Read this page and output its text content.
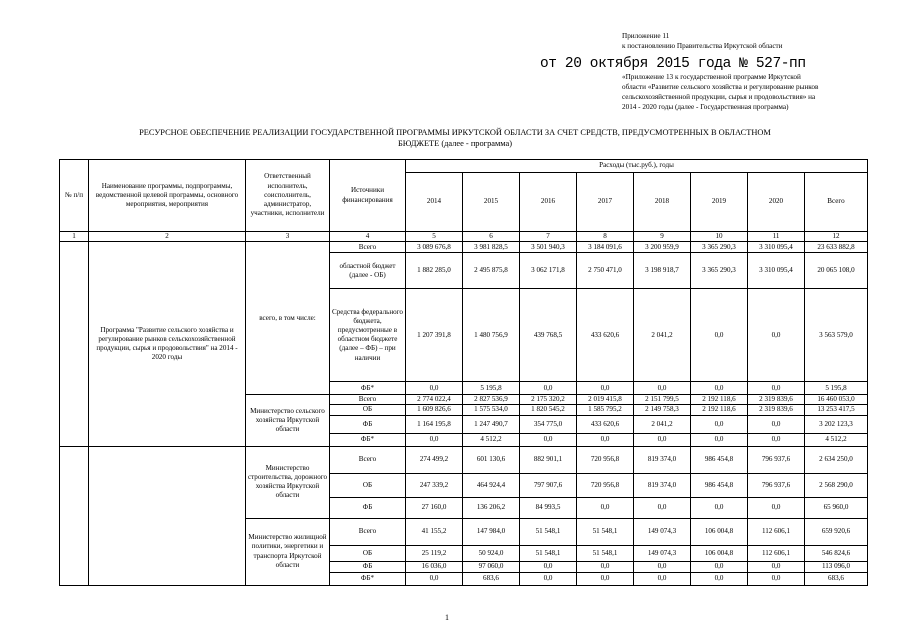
Приложение 11
к постановлению Правительства Иркутской области
от 20 октября 2015 года № 527-пп
«Приложение 13 к государственной программе Иркутской
области «Развитие сельского хозяйства и регулирование рынков
сельскохозяйственной продукции, сырья и продовольствия» на
2014 - 2020 годы (далее - Государственная программа)
РЕСУРСНОЕ ОБЕСПЕЧЕНИЕ РЕАЛИЗАЦИИ ГОСУДАРСТВЕННОЙ ПРОГРАММЫ ИРКУТСКОЙ ОБЛАСТИ ЗА СЧЕТ СРЕДСТВ, ПРЕДУСМОТРЕННЫХ В ОБЛАСТНОМ
БЮДЖЕТЕ (далее - программа)
№ п/п	Наименование программы, подпрограммы, ведомственной целевой программы, основного мероприятия, мероприятия	Ответственный исполнитель, соисполнитель, администратор, участники, исполнители	Источники финансирования	Расходы (тыс.руб.), годы							
				2014	2015	2016	2017	2018	2019	2020	Всего
1	2	3	4	5	6	7	8	9	10	11	12
	Программа "Развитие сельского хозяйства и регулирование рынков сельскохозяйственной продукции, сырья и продовольствия" на 2014 - 2020 годы	всего, в том числе:	Всего	3 089 676,8	3 981 828,5	3 501 940,3	3 184 091,6	3 200 959,9	3 365 290,3	3 310 095,4	23 633 882,8
			областной бюджет (далее - ОБ)	1 882 285,0	2 495 875,8	3 062 171,8	2 750 471,0	3 198 918,7	3 365 290,3	3 310 095,4	20 065 108,0
			Средства федерального бюджета, предусмотренные в областном бюджете (далее – ФБ) – при наличии	1 207 391,8	1 480 756,9	439 768,5	433 620,6	2 041,2	0,0	0,0	3 563 579,0
			ФБ*	0,0	5 195,8	0,0	0,0	0,0	0,0	0,0	5 195,8
		Министерство сельского хозяйства Иркутской области	Всего	2 774 022,4	2 827 536,9	2 175 320,2	2 019 415,8	2 151 799,5	2 192 118,6	2 319 839,6	16 460 053,0
			ОБ	1 609 826,6	1 575 534,0	1 820 545,2	1 585 795,2	2 149 758,3	2 192 118,6	2 319 839,6	13 253 417,5
			ФБ	1 164 195,8	1 247 490,7	354 775,0	433 620,6	2 041,2	0,0	0,0	3 202 123,3
			ФБ*	0,0	4 512,2	0,0	0,0	0,0	0,0	0,0	4 512,2
		Министерство строительства, дорожного хозяйства Иркутской области	Всего	274 499,2	601 130,6	882 901,1	720 956,8	819 374,0	986 454,8	796 937,6	2 634 250,0
			ОБ	247 339,2	464 924,4	797 907,6	720 956,8	819 374,0	986 454,8	796 937,6	2 568 290,0
			ФБ	27 160,0	136 206,2	84 993,5	0,0	0,0	0,0	0,0	65 960,0
		Министерство жилищной политики, энергетики и транспорта Иркутской области	Всего	41 155,2	147 984,0	51 548,1	51 548,1	149 074,3	106 004,8	112 606,1	659 920,6
			ОБ	25 119,2	50 924,0	51 548,1	51 548,1	149 074,3	106 004,8	112 606,1	546 824,6
			ФБ	16 036,0	97 060,0	0,0	0,0	0,0	0,0	0,0	113 096,0
			ФБ*	0,0	683,6	0,0	0,0	0,0	0,0	0,0	683,6
1
